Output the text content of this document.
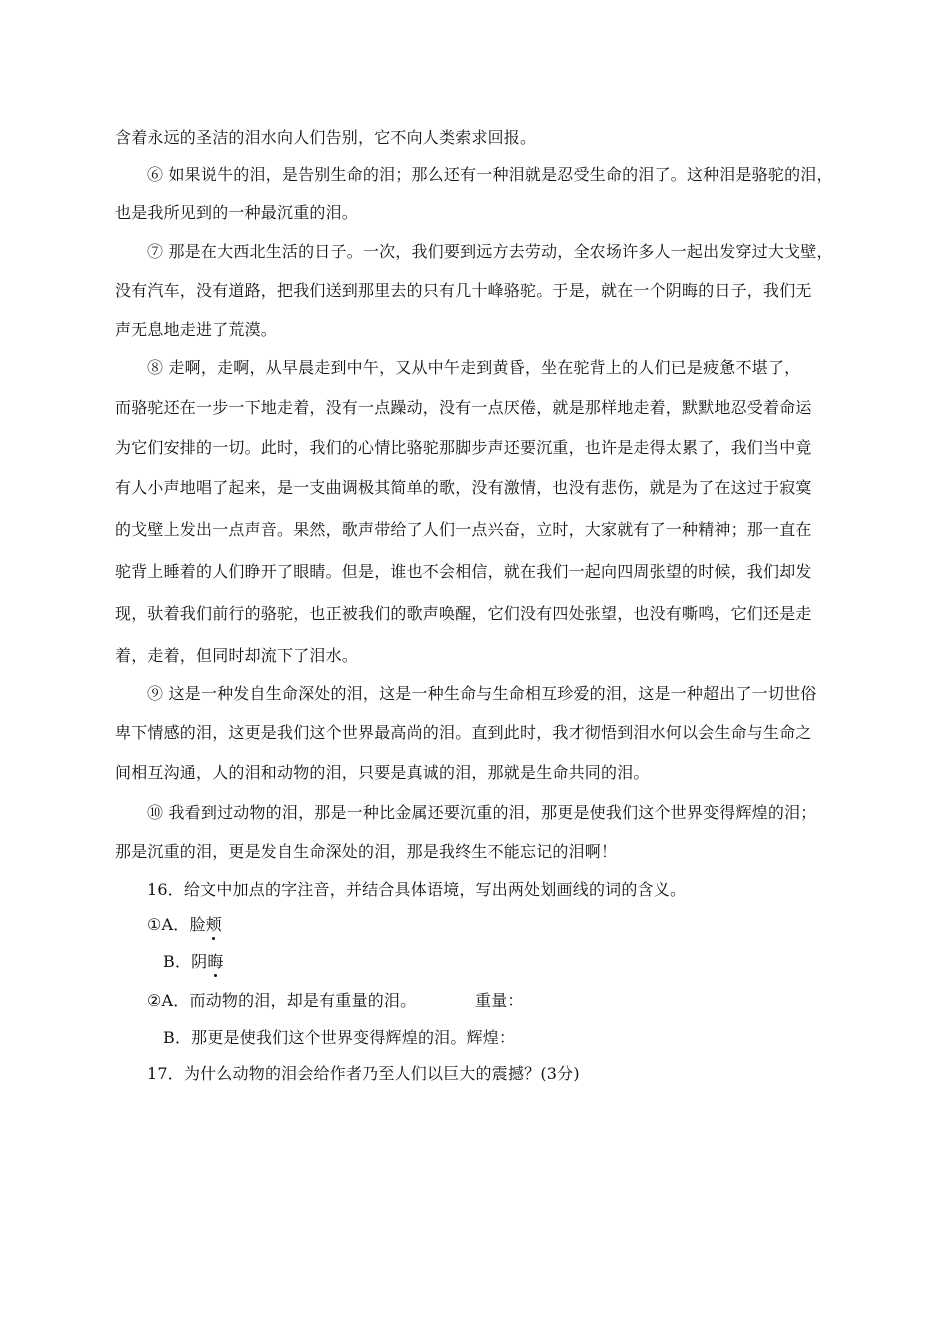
含着永远的圣洁的泪水向人们告别，它不向人类索求回报。
⑥ 如果说牛的泪，是告别生命的泪；那么还有一种泪就是忍受生命的泪了。这种泪是骆驼的泪，
也是我所见到的一种最沉重的泪。
⑦ 那是在大西北生活的日子。一次，我们要到远方去劳动，全农场许多人一起出发穿过大戈壁，
没有汽车，没有道路，把我们送到那里去的只有几十峰骆驼。于是，就在一个阴晦的日子，我们无
声无息地走进了荒漠。
⑧ 走啊，走啊，从早晨走到中午，又从中午走到黄昏，坐在驼背上的人们已是疲惫不堪了，
而骆驼还在一步一下地走着，没有一点躁动，没有一点厌倦，就是那样地走着，默默地忍受着命运
为它们安排的一切。此时，我们的心情比骆驼那脚步声还要沉重，也许是走得太累了，我们当中竟
有人小声地唱了起来，是一支曲调极其简单的歌，没有激情，也没有悲伤，就是为了在这过于寂寞
的戈壁上发出一点声音。果然，歌声带给了人们一点兴奋，立时，大家就有了一种精神；那一直在
驼背上睡着的人们睁开了眼睛。但是，谁也不会相信，就在我们一起向四周张望的时候，我们却发
现，驮着我们前行的骆驼，也正被我们的歌声唤醒，它们没有四处张望，也没有嘶鸣，它们还是走
着，走着，但同时却流下了泪水。
⑨ 这是一种发自生命深处的泪，这是一种生命与生命相互珍爱的泪，这是一种超出了一切世俗
卑下情感的泪，这更是我们这个世界最高尚的泪。直到此时，我才彻悟到泪水何以会生命与生命之
间相互沟通，人的泪和动物的泪，只要是真诚的泪，那就是生命共同的泪。
⑩ 我看到过动物的泪，那是一种比金属还要沉重的泪，那更是使我们这个世界变得辉煌的泪；
那是沉重的泪，更是发自生命深处的泪，那是我终生不能忘记的泪啊！
16．给文中加点的字注音，并结合具体语境，写出两处划画线的词的含义。
①A．脸颊
B．阴晦
②A．而动物的泪，却是有重量的泪。	重量：
B．那更是使我们这个世界变得辉煌的泪。辉煌：
17．为什么动物的泪会给作者乃至人们以巨大的震撼？(3分)
